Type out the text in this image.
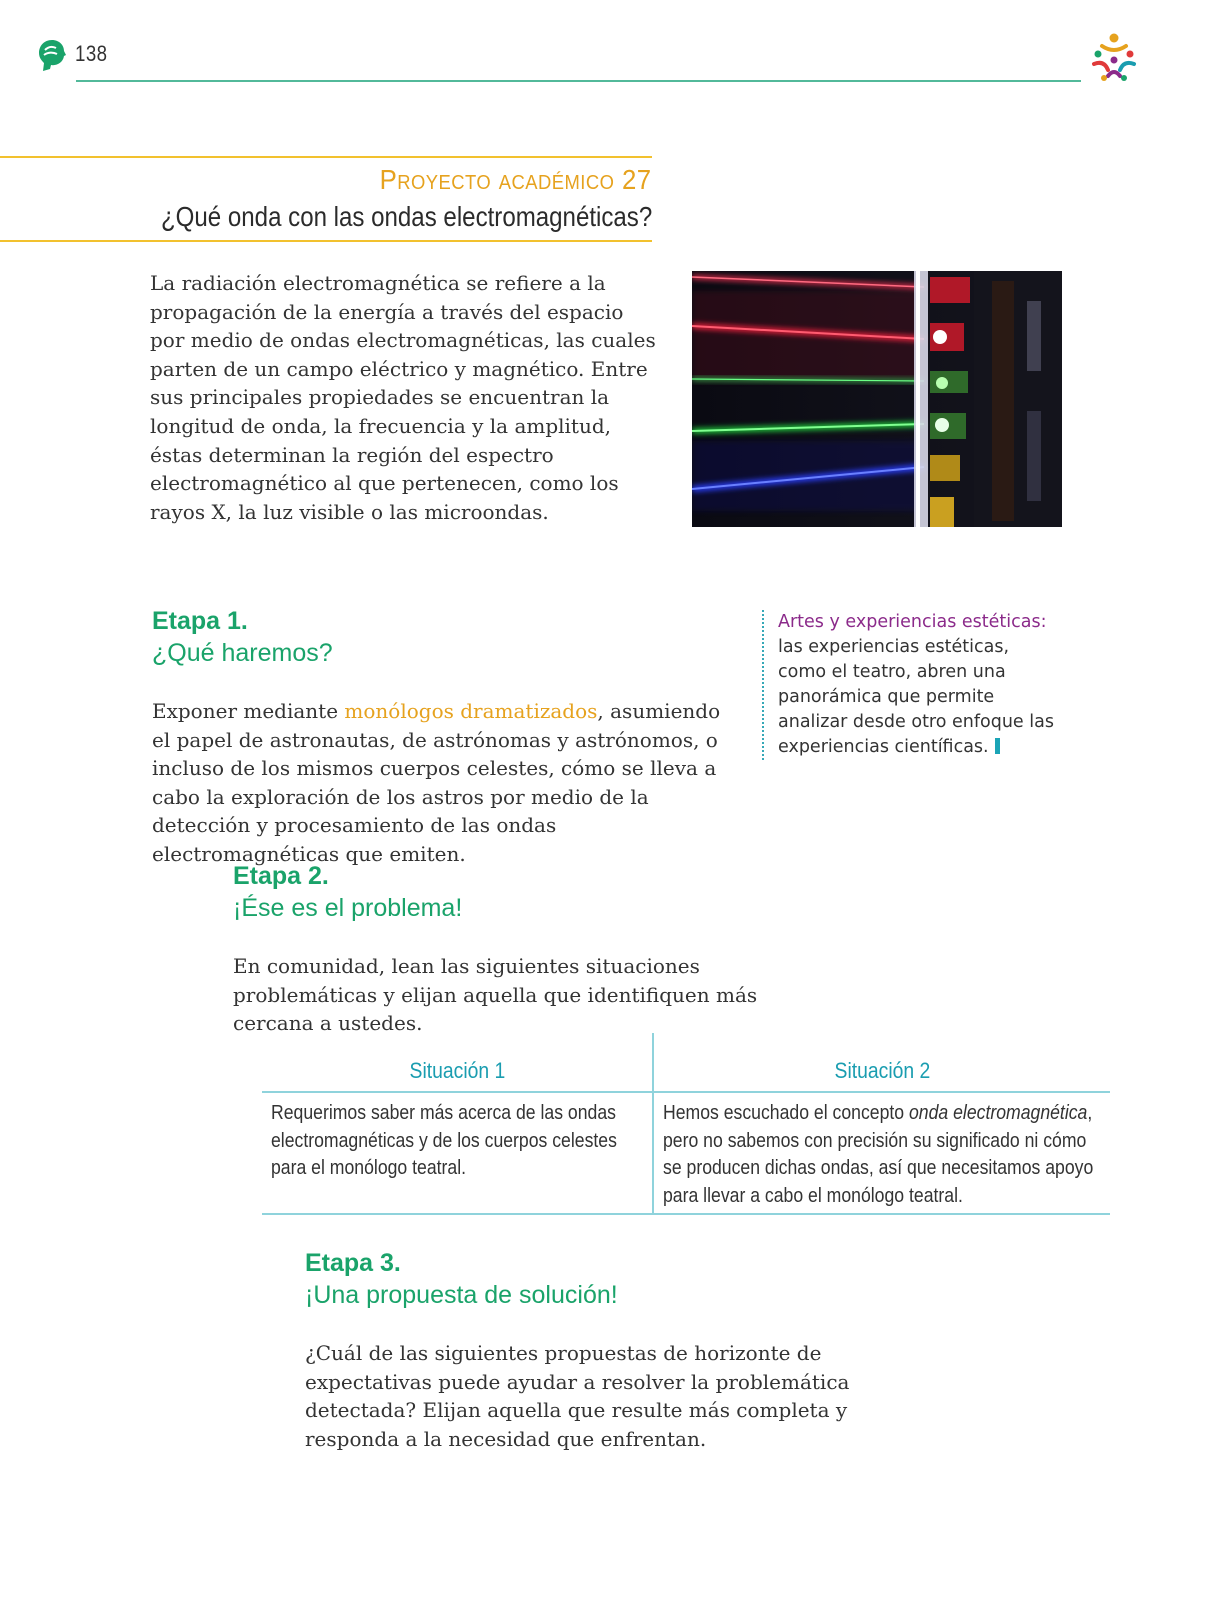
138
Proyecto académico 27
¿Qué onda con las ondas electromagnéticas?

La radiación electromagnética se refiere a la propagación de la energía a través del espacio por medio de ondas electromagnéticas, las cuales parten de un campo eléctrico y magnético. Entre sus principales propiedades se encuentran la longitud de onda, la frecuencia y la amplitud, éstas determinan la región del espectro electromagnético al que pertenecen, como los rayos X, la luz visible o las microondas.

Etapa 1.
¿Qué haremos?

Exponer mediante monólogos dramatizados, asumiendo el papel de astronautas, de astrónomas y astrónomos, o incluso de los mismos cuerpos celestes, cómo se lleva a cabo la exploración de los astros por medio de la detección y procesamiento de las ondas electromagnéticas que emiten.

Artes y experiencias estéticas: las experiencias estéticas, como el teatro, abren una panorámica que permite analizar desde otro enfoque las experiencias científicas.
Etapa 2.
¡Ése es el problema!

En comunidad, lean las siguientes situaciones problemáticas y elijan aquella que identifiquen más cercana a ustedes.

Situación 1	Situación 2
Requerimos saber más acerca de las ondas electromagnéticas y de los cuerpos celestes para el monólogo teatral.
Hemos escuchado el concepto onda electromagnética, pero no sabemos con precisión su significado ni cómo se producen dichas ondas, así que necesitamos apoyo para llevar a cabo el monólogo teatral.
Etapa 3.
¡Una propuesta de solución!

¿Cuál de las siguientes propuestas de horizonte de expectativas puede ayudar a resolver la problemática detectada? Elijan aquella que resulte más completa y responda a la necesidad que enfrentan.
